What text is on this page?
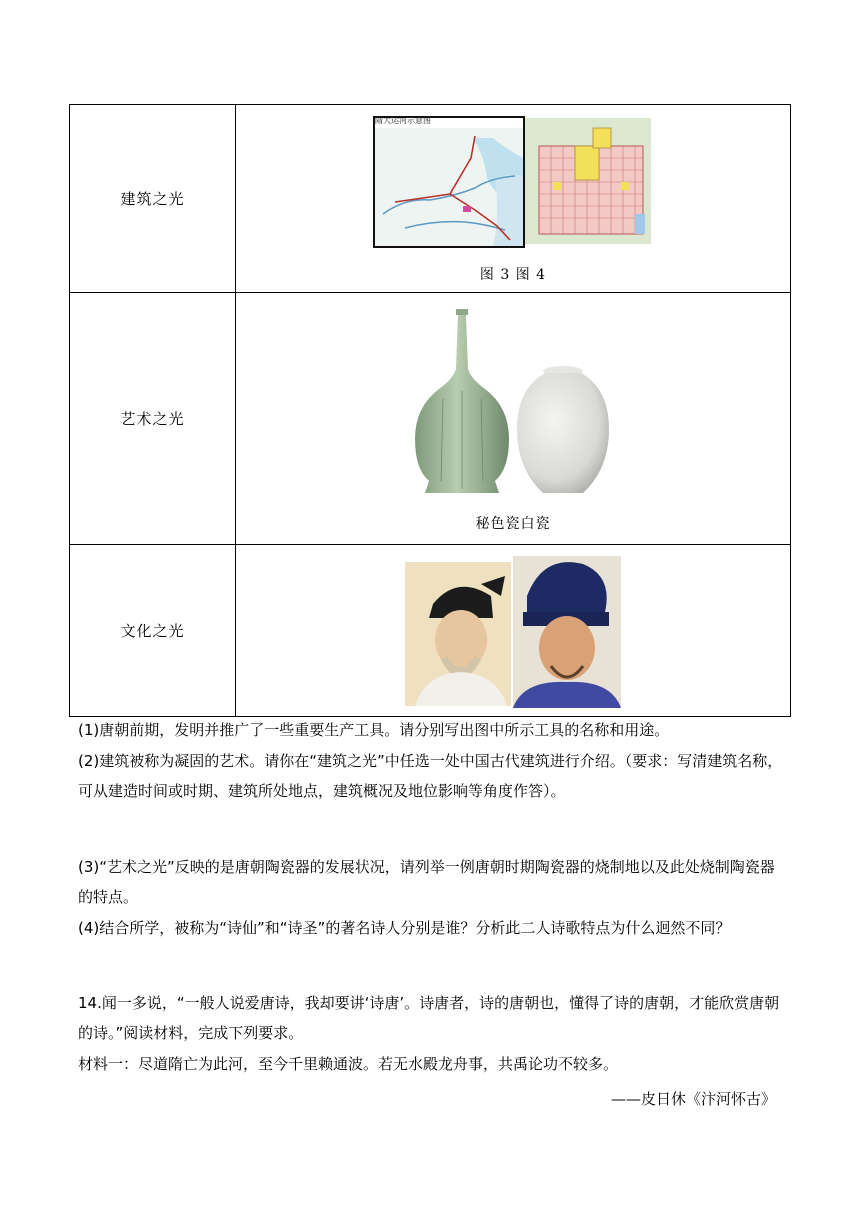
建筑之光	隋大运河示意图
图 3 图 4

艺术之光	秘色瓷白瓷

文化之光	
(1)唐朝前期，发明并推广了一些重要生产工具。请分别写出图中所示工具的名称和用途。
(2)建筑被称为凝固的艺术。请你在“建筑之光”中任选一处中国古代建筑进行介绍。（要求：写清建筑名称，可从建造时间或时期、建筑所处地点，建筑概况及地位影响等角度作答）。
(3)“艺术之光”反映的是唐朝陶瓷器的发展状况，请列举一例唐朝时期陶瓷器的烧制地以及此处烧制陶瓷器的特点。
(4)结合所学，被称为“诗仙”和“诗圣”的著名诗人分别是谁？分析此二人诗歌特点为什么迥然不同？
14.闻一多说，“一般人说爱唐诗，我却要讲‘诗唐’。诗唐者，诗的唐朝也，懂得了诗的唐朝，才能欣赏唐朝的诗。”阅读材料，完成下列要求。
材料一：尽道隋亡为此河，至今千里赖通波。若无水殿龙舟事，共禹论功不较多。
——皮日休《汴河怀古》
